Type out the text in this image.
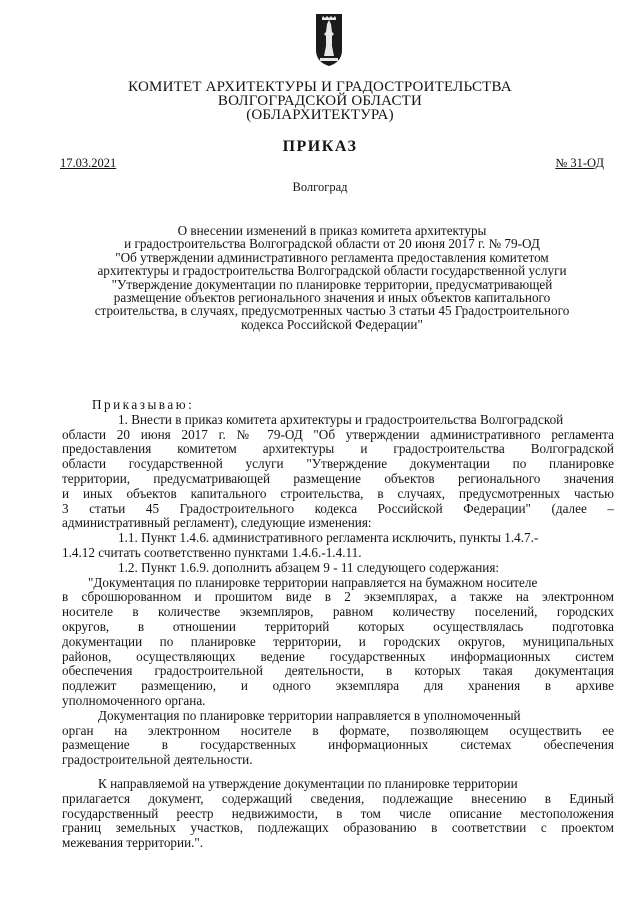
КОМИТЕТ АРХИТЕКТУРЫ И ГРАДОСТРОИТЕЛЬСТВА
ВОЛГОГРАДСКОЙ ОБЛАСТИ
(ОБЛАРХИТЕКТУРА)
ПРИКАЗ
17.03.2021	№ 31-ОД
Волгоград
О внесении изменений в приказ комитета архитектуры
и градостроительства Волгоградской области от 20 июня 2017 г. № 79-ОД
"Об утверждении административного регламента предоставления комитетом
архитектуры и градостроительства Волгоградской области государственной услуги
"Утверждение документации по планировке территории, предусматривающей
размещение объектов регионального значения и иных объектов капитального
строительства, в случаях, предусмотренных частью 3 статьи 45 Градостроительного
кодекса Российской Федерации"
Приказываю:
1. Внести в приказ комитета архитектуры и градостроительства Волгоградской
области 20 июня 2017 г. № 79-ОД "Об утверждении административного регламента
предоставления комитетом архитектуры и градостроительства Волгоградской
области государственной услуги "Утверждение документации по планировке
территории, предусматривающей размещение объектов регионального значения
и иных объектов капитального строительства, в случаях, предусмотренных частью
3 статьи 45 Градостроительного кодекса Российской Федерации" (далее –
административный регламент), следующие изменения:
1.1. Пункт 1.4.6. административного регламента исключить, пункты 1.4.7.-
1.4.12 считать соответственно пунктами 1.4.6.-1.4.11.
1.2. Пункт 1.6.9. дополнить абзацем 9 - 11 следующего содержания:
"Документация по планировке территории направляется на бумажном носителе
в сброшюрованном и прошитом виде в 2 экземплярах, а также на электронном
носителе в количестве экземпляров, равном количеству поселений, городских
округов, в отношении территорий которых осуществлялась подготовка
документации по планировке территории, и городских округов, муниципальных
районов, осуществляющих ведение государственных информационных систем
обеспечения градостроительной деятельности, в которых такая документация
подлежит размещению, и одного экземпляра для хранения в архиве
уполномоченного органа.
Документация по планировке территории направляется в уполномоченный
орган на электронном носителе в формате, позволяющем осуществить ее
размещение в государственных информационных системах обеспечения
градостроительной деятельности.
К направляемой на утверждение документации по планировке территории
прилагается документ, содержащий сведения, подлежащие внесению в Единый
государственный реестр недвижимости, в том числе описание местоположения
границ земельных участков, подлежащих образованию в соответствии с проектом
межевания территории.".
